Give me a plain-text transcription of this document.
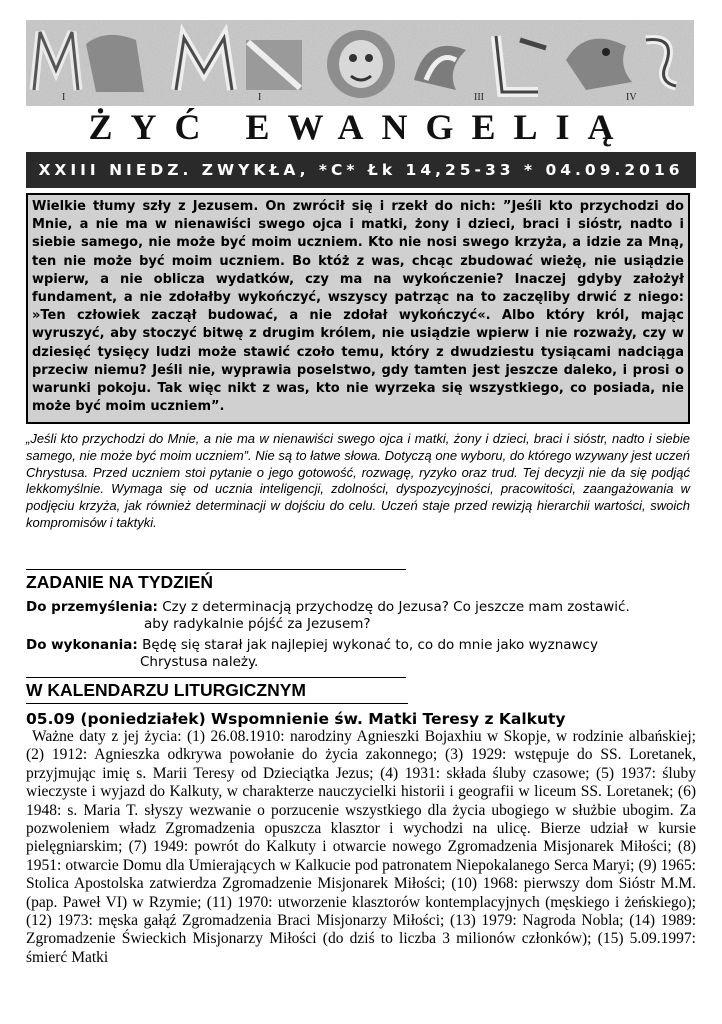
I	I	III	IV
ŻYĆ EWANGELIĄ
XXIII NIEDZ. ZWYKŁA, *C* Łk 14,25-33 * 04.09.2016

Wielkie tłumy szły z Jezusem. On zwrócił się i rzekł do nich: ”Jeśli kto przychodzi do Mnie, a nie ma w nienawiści swego ojca i matki, żony i dzieci, braci i sióstr, nadto i siebie samego, nie może być moim uczniem. Kto nie nosi swego krzyża, a idzie za Mną, ten nie może być moim uczniem. Bo któż z was, chcąc zbudować wieżę, nie usiądzie wpierw, a nie oblicza wydatków, czy ma na wykończenie? Inaczej gdyby założył fundament, a nie zdołałby wykończyć, wszyscy patrząc na to zaczęliby drwić z niego: »Ten człowiek zaczął budować, a nie zdołał wykończyć«. Albo który król, mając wyruszyć, aby stoczyć bitwę z drugim królem, nie usiądzie wpierw i nie rozważy, czy w dziesięć tysięcy ludzi może stawić czoło temu, który z dwudziestu tysiącami nadciąga przeciw niemu? Jeśli nie, wyprawia poselstwo, gdy tamten jest jeszcze daleko, i prosi o warunki pokoju. Tak więc nikt z was, kto nie wyrzeka się wszystkiego, co posiada, nie może być moim uczniem”.

„Jeśli kto przychodzi do Mnie, a nie ma w nienawiści swego ojca i matki, żony i dzieci, braci i sióstr, nadto i siebie samego, nie może być moim uczniem”. Nie są to łatwe słowa. Dotyczą one wyboru, do którego wzywany jest uczeń Chrystusa. Przed uczniem stoi pytanie o jego gotowość, rozwagę, ryzyko oraz trud. Tej decyzji nie da się podjąć lekkomyślnie. Wymaga się od ucznia inteligencji, zdolności, dyspozycyjności, pracowitości, zaangażowania w podjęciu krzyża, jak również determinacji w dojściu do celu. Uczeń staje przed rewizją hierarchii wartości, swoich kompromisów i taktyki.

ZADANIE NA TYDZIEŃ
Do przemyślenia: Czy z determinacją przychodzę do Jezusa? Co jeszcze mam zostawić.
aby radykalnie pójść za Jezusem?
Do wykonania: Będę się starał jak najlepiej wykonać to, co do mnie jako wyznawcy
Chrystusa należy.
W KALENDARZU LITURGICZNYM
05.09 (poniedziałek) Wspomnienie św. Matki Teresy z Kalkuty

Ważne daty z jej życia: (1) 26.08.1910: narodziny Agnieszki Bojaxhiu w Skopje, w rodzinie albańskiej; (2) 1912: Agnieszka odkrywa powołanie do życia zakonnego; (3) 1929: wstępuje do SS. Loretanek, przyjmując imię s. Marii Teresy od Dzieciątka Jezus; (4) 1931: składa śluby czasowe; (5) 1937: śluby wieczyste i wyjazd do Kalkuty, w charakterze nauczycielki historii i geografii w liceum SS. Loretanek; (6) 1948: s. Maria T. słyszy wezwanie o porzucenie wszystkiego dla życia ubogiego w służbie ubogim. Za pozwoleniem władz Zgromadzenia opuszcza klasztor i wychodzi na ulicę. Bierze udział w kursie pielęgniarskim; (7) 1949: powrót do Kalkuty i otwarcie nowego Zgromadzenia Misjonarek Miłości; (8) 1951: otwarcie Domu dla Umierających w Kalkucie pod patronatem Niepokalanego Serca Maryi; (9) 1965: Stolica Apostolska zatwierdza Zgromadzenie Misjonarek Miłości; (10) 1968: pierwszy dom Sióstr M.M. (pap. Paweł VI) w Rzymie; (11) 1970: utworzenie klasztorów kontemplacyjnych (męskiego i żeńskiego); (12) 1973: męska gałąź Zgromadzenia Braci Misjonarzy Miłości; (13) 1979: Nagroda Nobla; (14) 1989: Zgromadzenie Świeckich Misjonarzy Miłości (do dziś to liczba 3 milionów członków); (15) 5.09.1997: śmierć Matki
